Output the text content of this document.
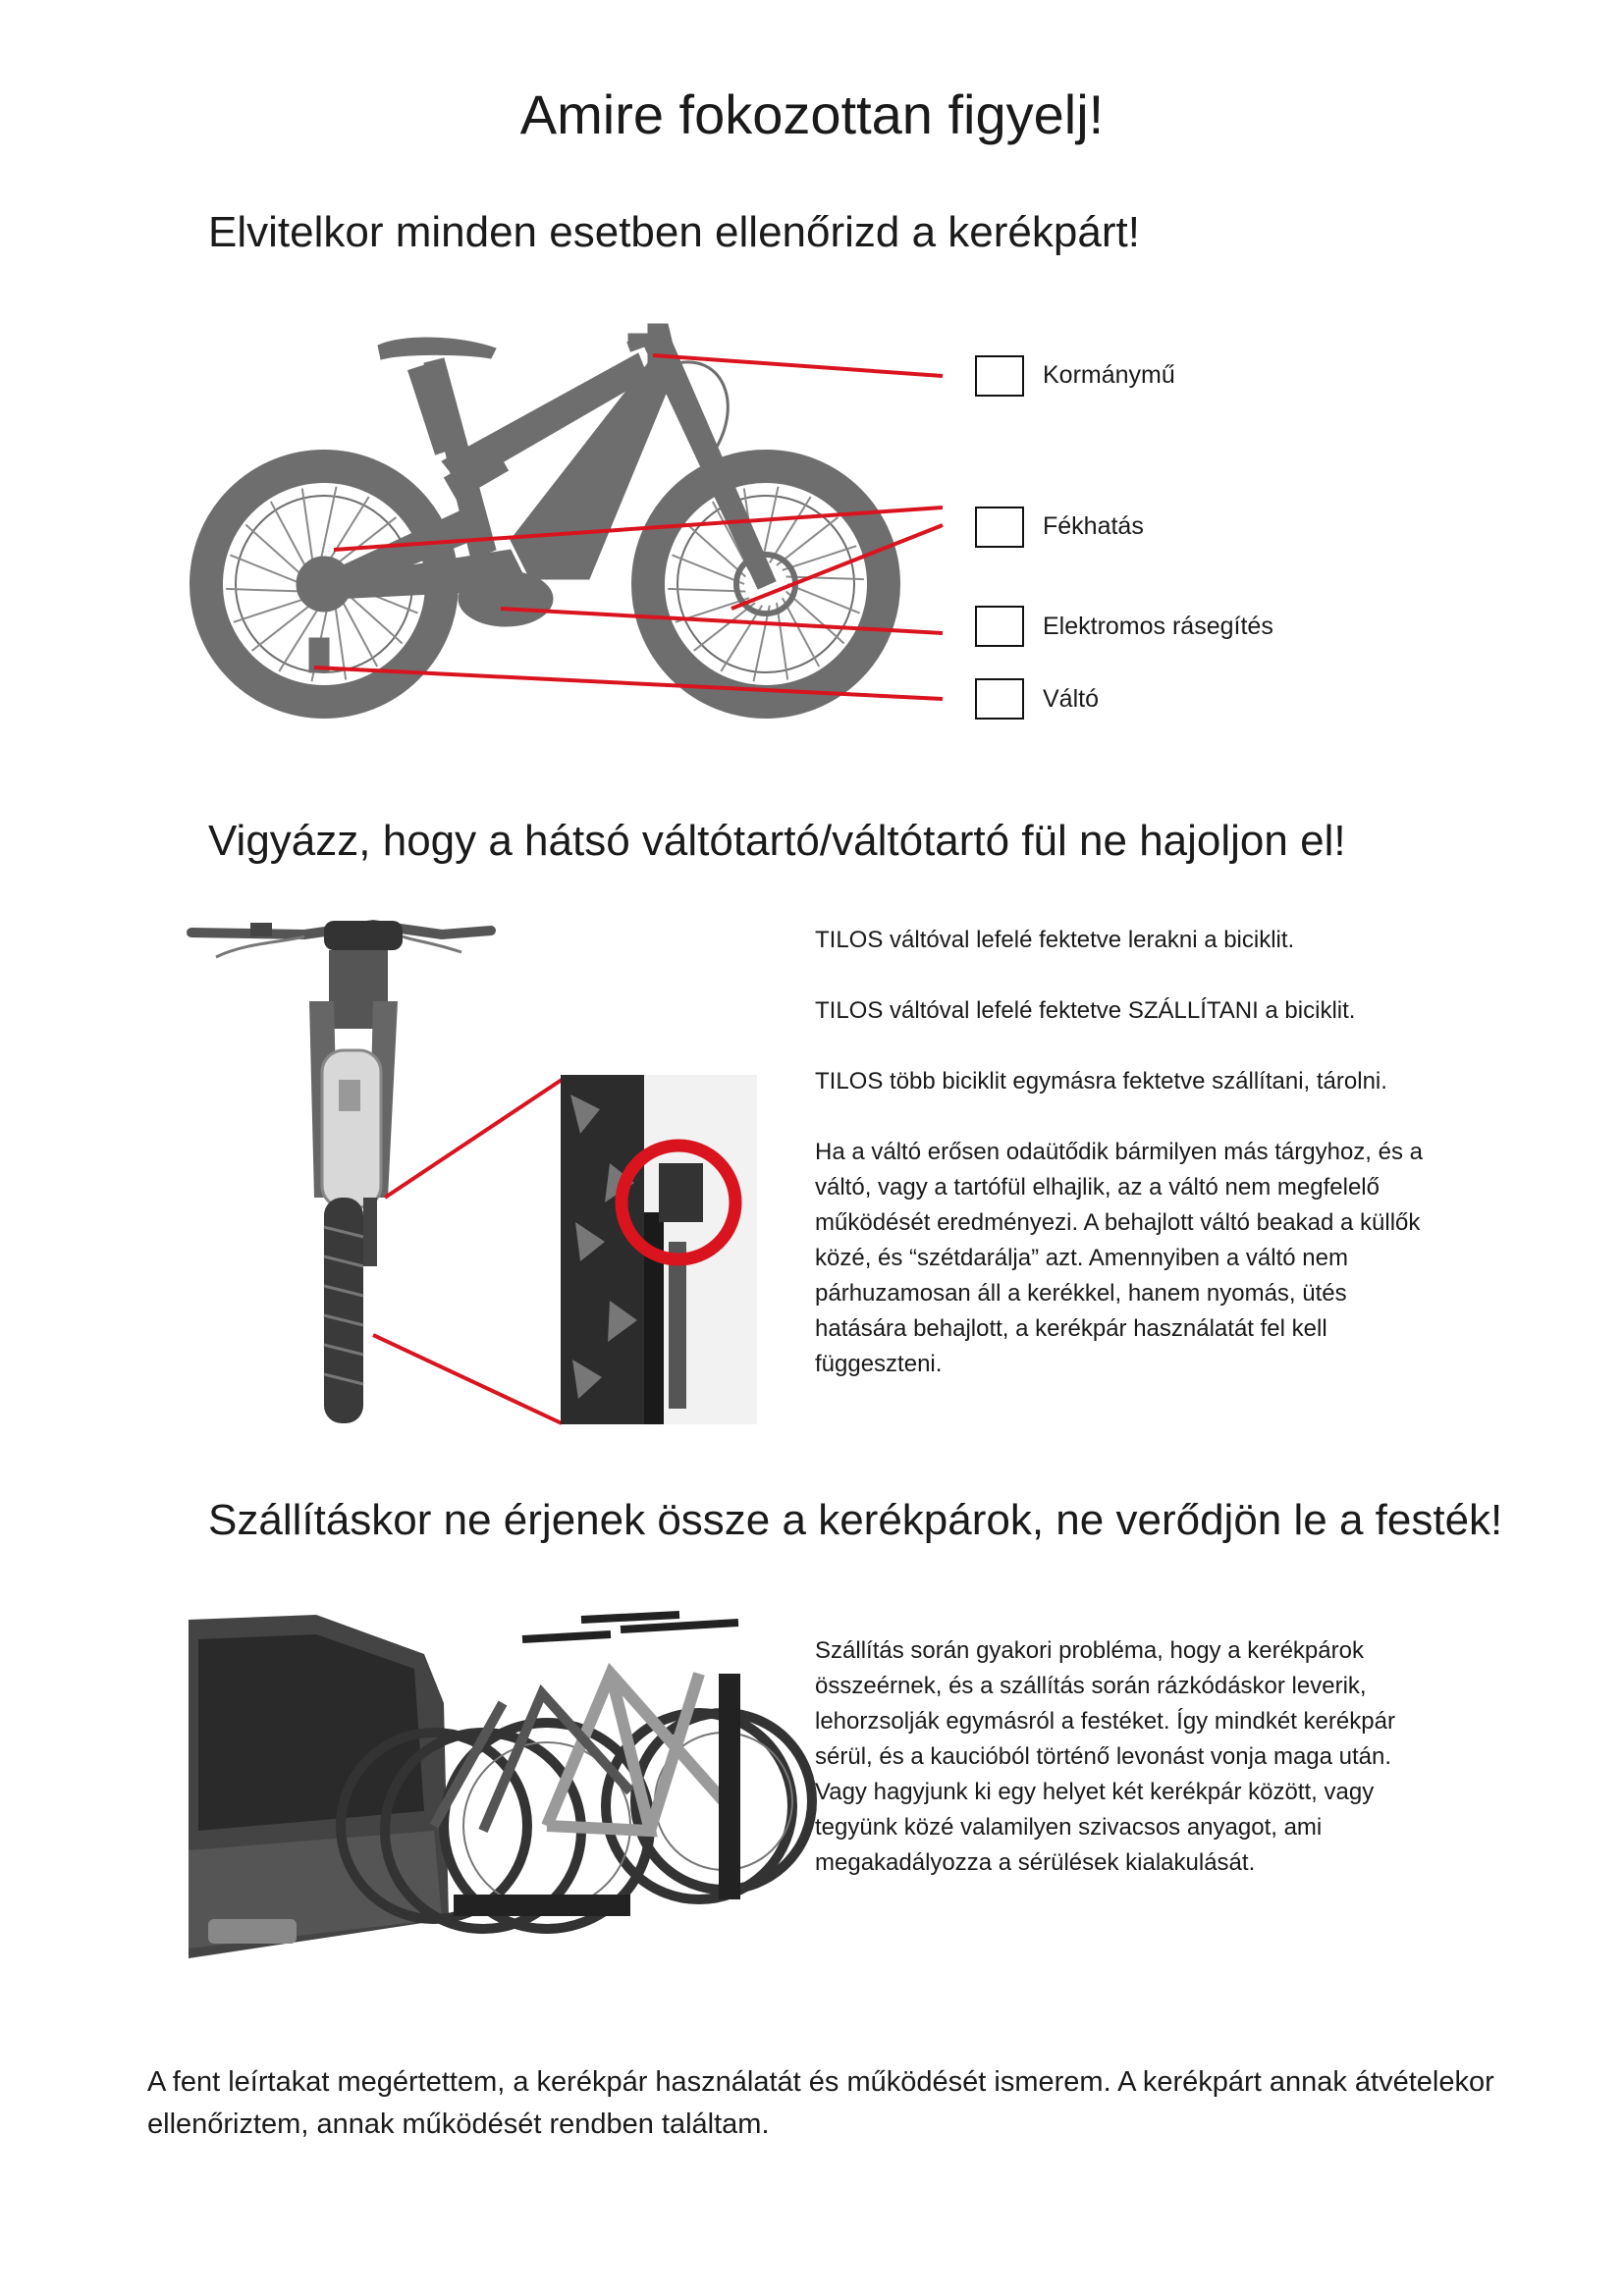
Amire fokozottan figyelj!
Elvitelkor minden esetben ellenőrizd a kerékpárt!
Kormánymű
Fékhatás
Elektromos rásegítés
Váltó
Vigyázz, hogy a hátsó váltótartó/váltótartó fül ne hajoljon el!

TILOS váltóval lefelé fektetve lerakni a biciklit.

TILOS váltóval lefelé fektetve SZÁLLÍTANI a biciklit.

TILOS több biciklit egymásra fektetve szállítani, tárolni.

Ha a váltó erősen odaütődik bármilyen más tárgyhoz, és a váltó, vagy a tartófül elhajlik, az a váltó nem megfelelő működését eredményezi. A behajlott váltó beakad a küllők közé, és “szétdarálja” azt. Amennyiben a váltó nem párhuzamosan áll a kerékkel, hanem nyomás, ütés hatására behajlott, a kerékpár használatát fel kell függeszteni.

Szállításkor ne érjenek össze a kerékpárok, ne verődjön le a festék!
Szállítás során gyakori probléma, hogy a kerékpárok összeérnek, és a szállítás során rázkódáskor leverik, lehorzsolják egymásról a festéket. Így mindkét kerékpár sérül, és a kaucióból történő levonást vonja maga után. Vagy hagyjunk ki egy helyet két kerékpár között, vagy tegyünk közé valamilyen szivacsos anyagot, ami megakadályozza a sérülések kialakulását.
A fent leírtakat megértettem, a kerékpár használatát és működését ismerem. A kerékpárt annak átvételekor ellenőriztem, annak működését rendben találtam.
